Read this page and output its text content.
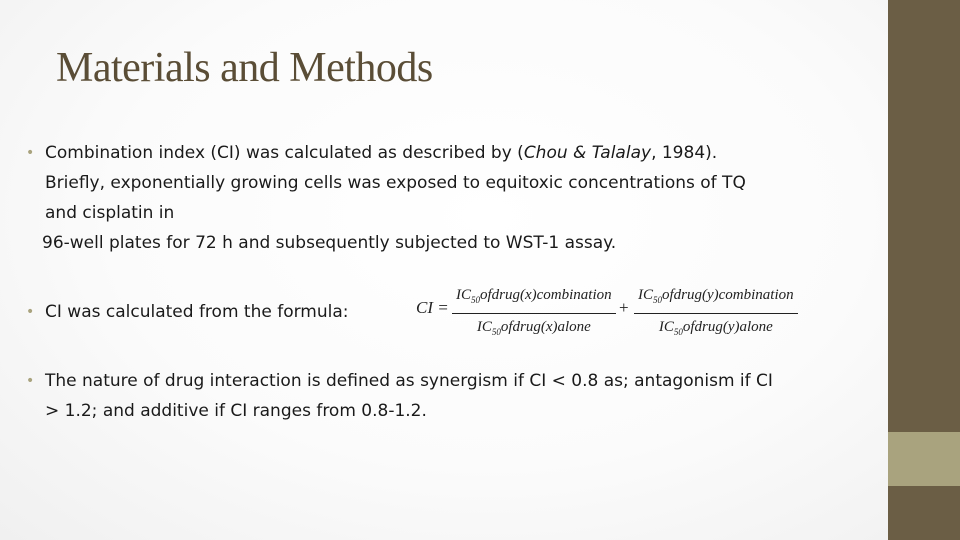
Materials and Methods
• Combination index (CI) was calculated as described by (Chou & Talalay, 1984).
Briefly, exponentially growing cells was exposed to equitoxic concentrations of TQ
and cisplatin in
96-well plates for 72 h and subsequently subjected to WST-1 assay.
• CI was calculated from the formula:	CI =
$IC_{50}ofdrug(x)combination$
$IC_{50}ofdrug(x)alone$
+
$IC_{50}ofdrug(y)combination$
$IC_{50}ofdrug(y)alone$
• The nature of drug interaction is defined as synergism if CI < 0.8 as; antagonism if CI
> 1.2; and additive if CI ranges from 0.8-1.2.
